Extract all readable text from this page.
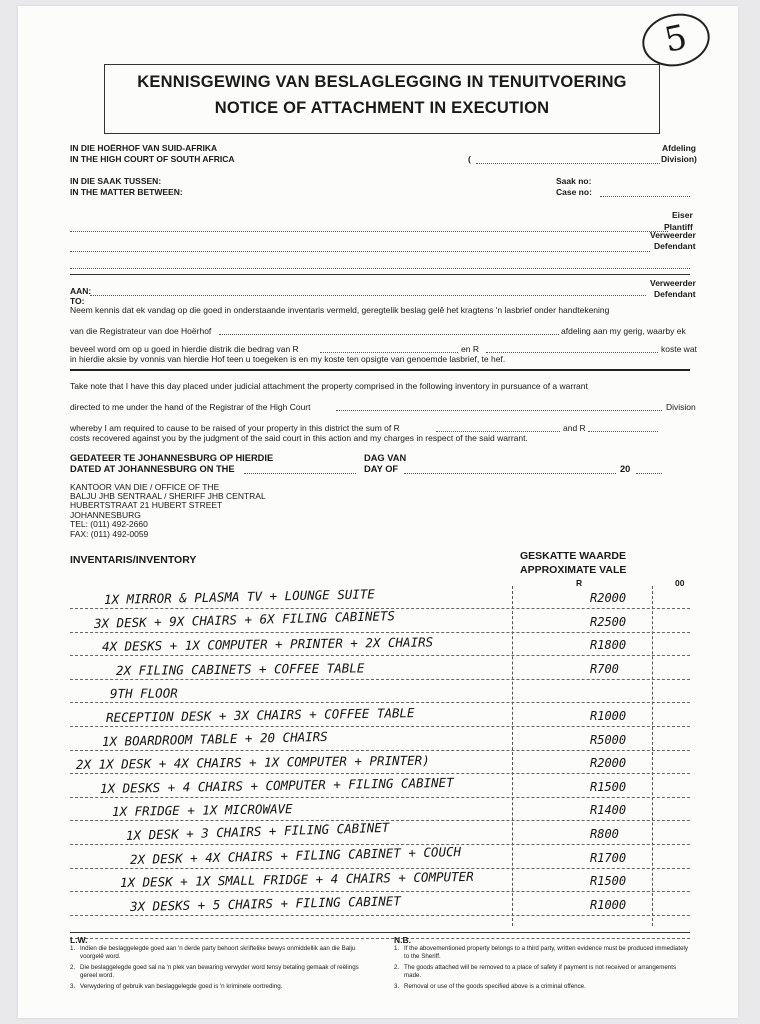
5
KENNISGEWING VAN BESLAGLEGGING IN TENUITVOERING
NOTICE OF ATTACHMENT IN EXECUTION
IN DIE HOËRHOF VAN SUID-AFRIKA
IN THE HIGH COURT OF SOUTH AFRICA
Afdeling
(	Division)
IN DIE SAAK TUSSEN:
IN THE MATTER BETWEEN:
Saak no:
Case no:
Eiser
Plantiff
Verweerder
Defendant
AAN:
TO:
Verweerder
Defendant
Neem kennis dat ek vandag op die goed in onderstaande inventaris vermeld, geregtelik beslag gelê het kragtens 'n lasbrief onder handtekening
van die Registrateur van doe Hoërhof	afdeling aan my gerig, waarby ek
beveel word om op u goed in hierdie distrik die bedrag van R	en R	koste wat
in hierdie aksie by vonnis van hierdie Hof teen u toegeken is en my koste ten opsigte van genoemde lasbrief, te hef.
Take note that I have this day placed under judicial attachment the property comprised in the following inventory in pursuance of a warrant
directed to me under the hand of the Registrar of the High Court	Division
whereby I am required to cause to be raised of your property in this district the sum of R	and R
costs recovered against you by the judgment of the said court in this action and my charges in respect of the said warrant.
GEDATEER TE JOHANNESBURG OP HIERDIE
DATED AT JOHANNESBURG ON THE
DAG VAN
DAY OF	20
KANTOOR VAN DIE / OFFICE OF THE
BALJU JHB SENTRAAL / SHERIFF JHB CENTRAL
HUBERTSTRAAT 21 HUBERT STREET
JOHANNESBURG
TEL: (011) 492-2660
FAX: (011) 492-0059
INVENTARIS/INVENTORY	GESKATTE WAARDE
APPROXIMATE VALE
R	00
1X MIRROR & PLASMA TV + LOUNGE SUITE	R2000
3X DESK + 9X CHAIRS + 6X FILING CABINETS	R2500
4X DESKS + 1X COMPUTER + PRINTER + 2X CHAIRS	R1800
2X FILING CABINETS + COFFEE TABLE	R700
9TH FLOOR
RECEPTION DESK + 3X CHAIRS + COFFEE TABLE	R1000
1X BOARDROOM TABLE + 20 CHAIRS	R5000
2X 1X DESK + 4X CHAIRS + 1X COMPUTER + PRINTER)	R2000
1X DESKS + 4 CHAIRS + COMPUTER + FILING CABINET	R1500
1X FRIDGE + 1X MICROWAVE	R1400
1X DESK + 3 CHAIRS + FILING CABINET	R800
2X DESK + 4X CHAIRS + FILING CABINET + COUCH	R1700
1X DESK + 1X SMALL FRIDGE + 4 CHAIRS + COMPUTER	R1500
3X DESKS + 5 CHAIRS + FILING CABINET	R1000
L.W.	N.B.
1. Indien die beslaggelegde goed aan 'n derde party behoort skriftelike bewys onmiddellik aan die Balju voorgelê word.
2. Die beslaggelegde goed sal na 'n plek van bewaring verwyder word tensy betaling gemaak of reëlings gereel word.
3. Verwydering of gebruik van beslaggelegde goed is 'n kriminele oortreding.
1. If the abovementioned property belongs to a third party, written evidence must be produced immediately to the Sheriff.
2. The goods attached will be removed to a place of safety if payment is not received or arrangements made.
3. Removal or use of the goods specified above is a criminal offence.
